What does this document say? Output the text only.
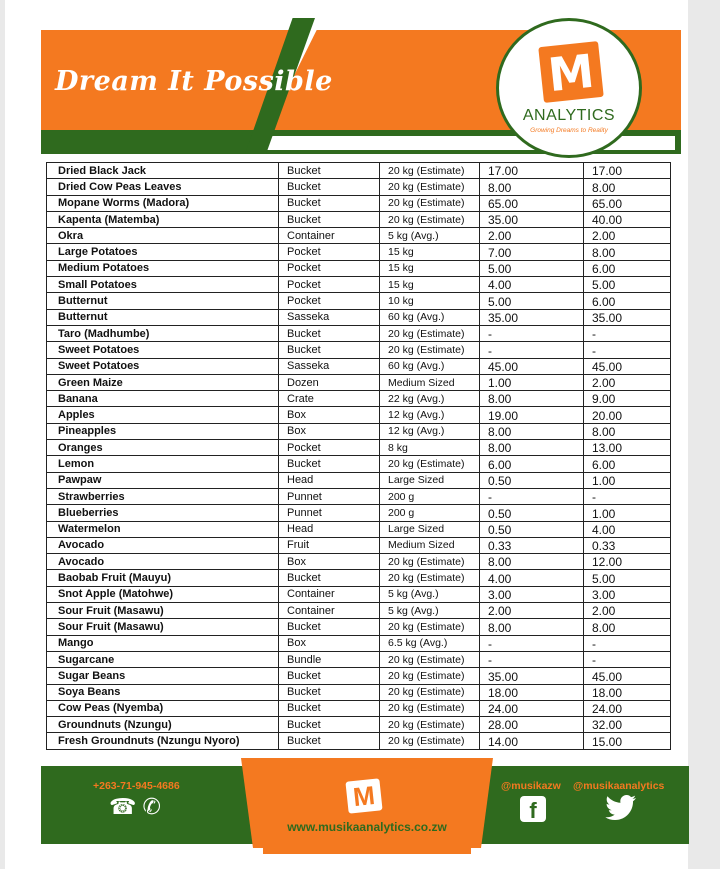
Dream It Possible	M
ANALYTICS
Growing Dreams to Reality
Dried Black Jack	Bucket	20 kg (Estimate)	17.00	17.00
Dried Cow Peas Leaves	Bucket	20 kg (Estimate)	8.00	8.00
Mopane Worms (Madora)	Bucket	20 kg (Estimate)	65.00	65.00
Kapenta (Matemba)	Bucket	20 kg (Estimate)	35.00	40.00
Okra	Container	5 kg (Avg.)	2.00	2.00
Large Potatoes	Pocket	15 kg	7.00	8.00
Medium Potatoes	Pocket	15 kg	5.00	6.00
Small Potatoes	Pocket	15 kg	4.00	5.00
Butternut	Pocket	10 kg	5.00	6.00
Butternut	Sasseka	60 kg (Avg.)	35.00	35.00
Taro (Madhumbe)	Bucket	20 kg (Estimate)	-	-
Sweet Potatoes	Bucket	20 kg (Estimate)	-	-
Sweet Potatoes	Sasseka	60 kg (Avg.)	45.00	45.00
Green Maize	Dozen	Medium Sized	1.00	2.00
Banana	Crate	22 kg (Avg.)	8.00	9.00
Apples	Box	12 kg (Avg.)	19.00	20.00
Pineapples	Box	12 kg (Avg.)	8.00	8.00
Oranges	Pocket	8 kg	8.00	13.00
Lemon	Bucket	20 kg (Estimate)	6.00	6.00
Pawpaw	Head	Large Sized	0.50	1.00
Strawberries	Punnet	200 g	-	-
Blueberries	Punnet	200 g	0.50	1.00
Watermelon	Head	Large Sized	0.50	4.00
Avocado	Fruit	Medium Sized	0.33	0.33
Avocado	Box	20 kg (Estimate)	8.00	12.00
Baobab Fruit (Mauyu)	Bucket	20 kg (Estimate)	4.00	5.00
Snot Apple (Matohwe)	Container	5 kg (Avg.)	3.00	3.00
Sour Fruit (Masawu)	Container	5 kg (Avg.)	2.00	2.00
Sour Fruit (Masawu)	Bucket	20 kg (Estimate)	8.00	8.00
Mango	Box	6.5 kg (Avg.)	-	-
Sugarcane	Bundle	20 kg (Estimate)	-	-
Sugar Beans	Bucket	20 kg (Estimate)	35.00	45.00
Soya Beans	Bucket	20 kg (Estimate)	18.00	18.00
Cow Peas (Nyemba)	Bucket	20 kg (Estimate)	24.00	24.00
Groundnuts (Nzungu)	Bucket	20 kg (Estimate)	28.00	32.00
Fresh Groundnuts (Nzungu Nyoro)	Bucket	20 kg (Estimate)	14.00	15.00
+263-71-945-4686
☎ ✆	M
www.musikaanalytics.co.zw
@musikazw @musikaanalytics
f
